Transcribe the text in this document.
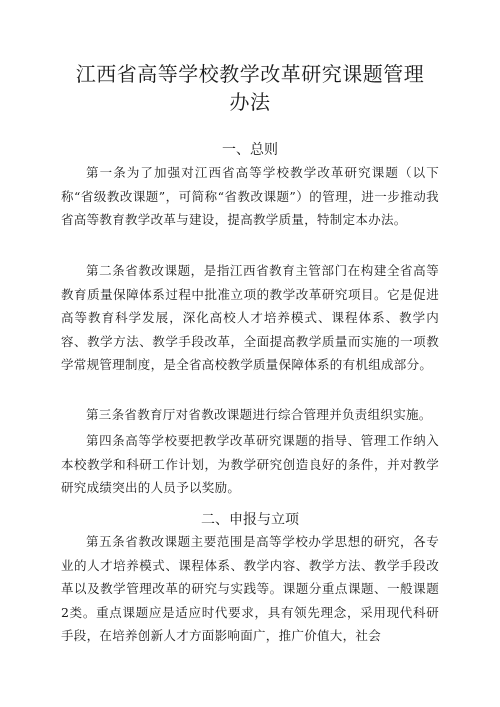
江西省高等学校教学改革研究课题管理办法
一、总则

第一条为了加强对江西省高等学校教学改革研究课题（以下称“省级教改课题”，可简称“省教改课题”）的管理，进一步推动我省高等教育教学改革与建设，提高教学质量，特制定本办法。

第二条省教改课题，是指江西省教育主管部门在构建全省高等教育质量保障体系过程中批准立项的教学改革研究项目。它是促进高等教育科学发展，深化高校人才培养模式、课程体系、教学内容、教学方法、教学手段改革，全面提高教学质量而实施的一项教学常规管理制度，是全省高校教学质量保障体系的有机组成部分。

第三条省教育厅对省教改课题进行综合管理并负责组织实施。

第四条高等学校要把教学改革研究课题的指导、管理工作纳入本校教学和科研工作计划，为教学研究创造良好的条件，并对教学研究成绩突出的人员予以奖励。

二、申报与立项

第五条省教改课题主要范围是高等学校办学思想的研究，各专业的人才培养模式、课程体系、教学内容、教学方法、教学手段改革以及教学管理改革的研究与实践等。课题分重点课题、一般课题2类。重点课题应是适应时代要求，具有领先理念，采用现代科研手段，在培养创新人才方面影响面广，推广价值大，社会
